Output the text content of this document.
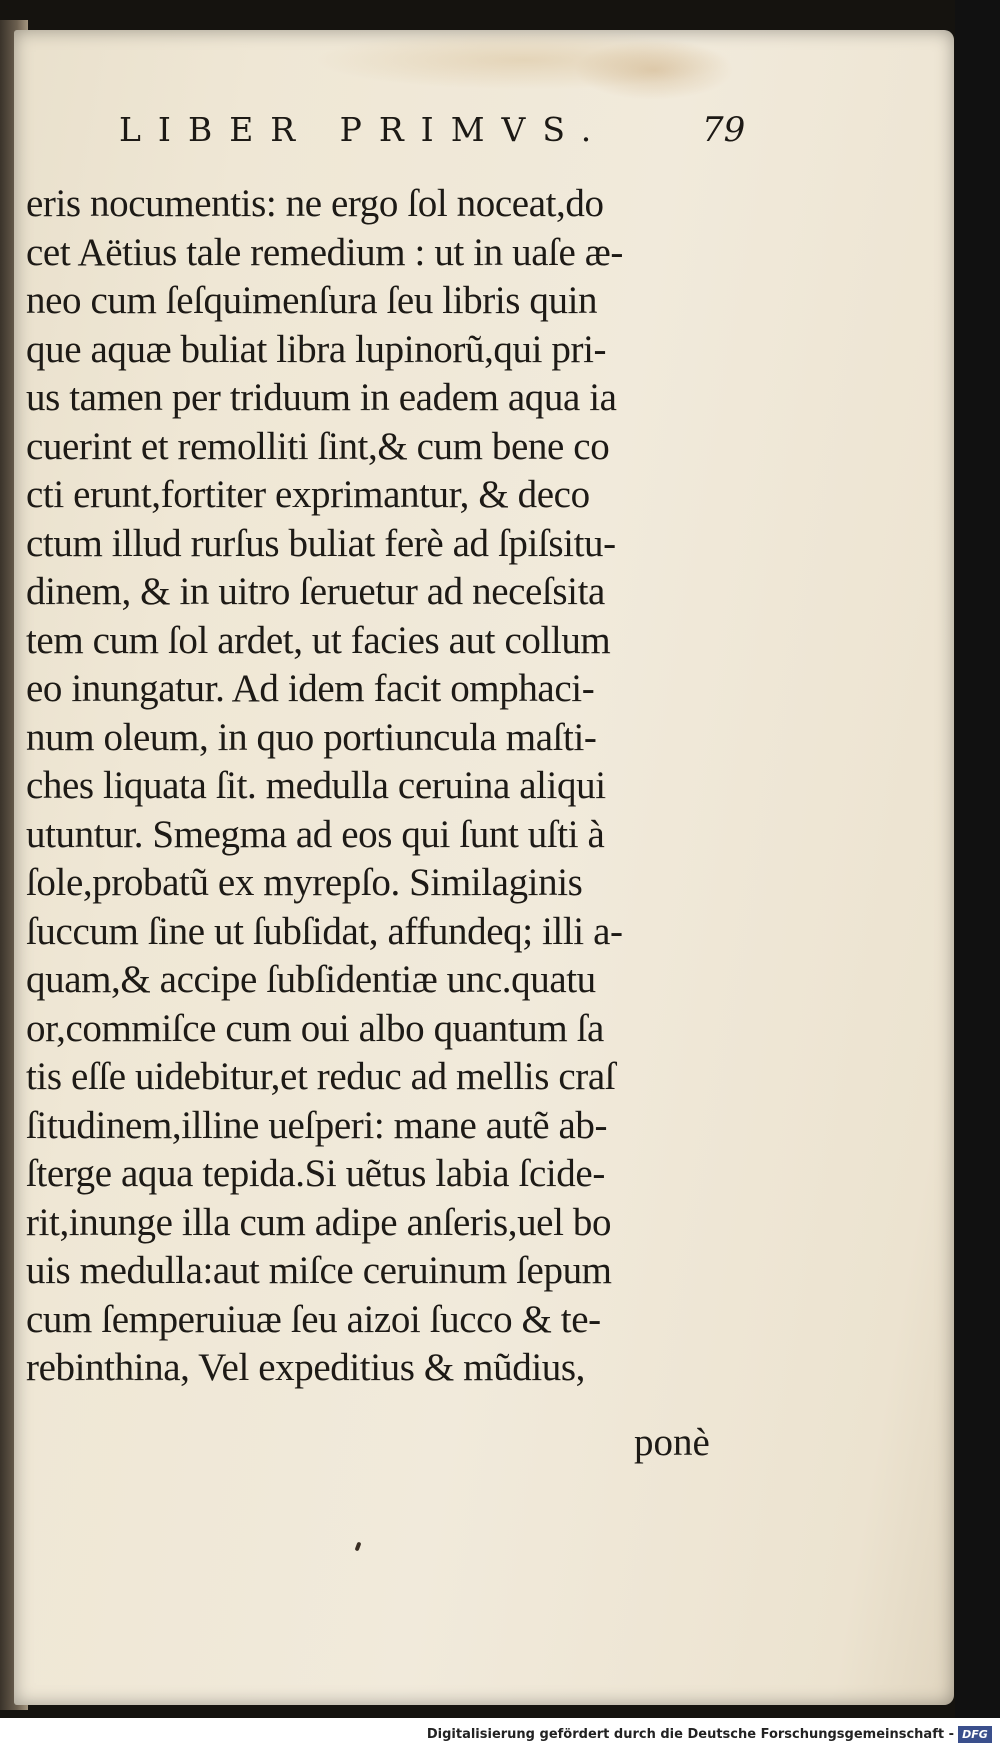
LIBER PRIMVS.	79
eris nocumentis: ne ergo ſol noceat,do
cet Aëtius tale remedium : ut in uaſe æ-
neo cum ſeſquimenſura ſeu libris quin
que aquæ buliat libra lupinorũ,qui pri-
us tamen per triduum in eadem aqua ia
cuerint et remolliti ſint,& cum bene co
cti erunt,fortiter exprimantur, & deco
ctum illud rurſus buliat ferè ad ſpiſsitu-
dinem, & in uitro ſeruetur ad neceſsita
tem cum ſol ardet, ut facies aut collum
eo inungatur. Ad idem facit omphaci-
num oleum, in quo portiuncula maſti-
ches liquata ſit. medulla ceruina aliqui
utuntur. Smegma ad eos qui ſunt uſti à
ſole,probatũ ex myrepſo. Similaginis
ſuccum ſine ut ſubſidat, affundeq; illi a-
quam,& accipe ſubſidentiæ unc.quatu
or,commiſce cum oui albo quantum ſa
tis eſſe uidebitur,et reduc ad mellis craſ
ſitudinem,illine ueſperi: mane autẽ ab-
ſterge aqua tepida.Si uẽtus labia ſcide-
rit,inunge illa cum adipe anſeris,uel bo
uis medulla:aut miſce ceruinum ſepum
cum ſemperuiuæ ſeu aizoi ſucco & te-
rebinthina, Vel expeditius & mũdius,
ponè
Digitalisierung gefördert durch die Deutsche Forschungsgemeinschaft - DFG
